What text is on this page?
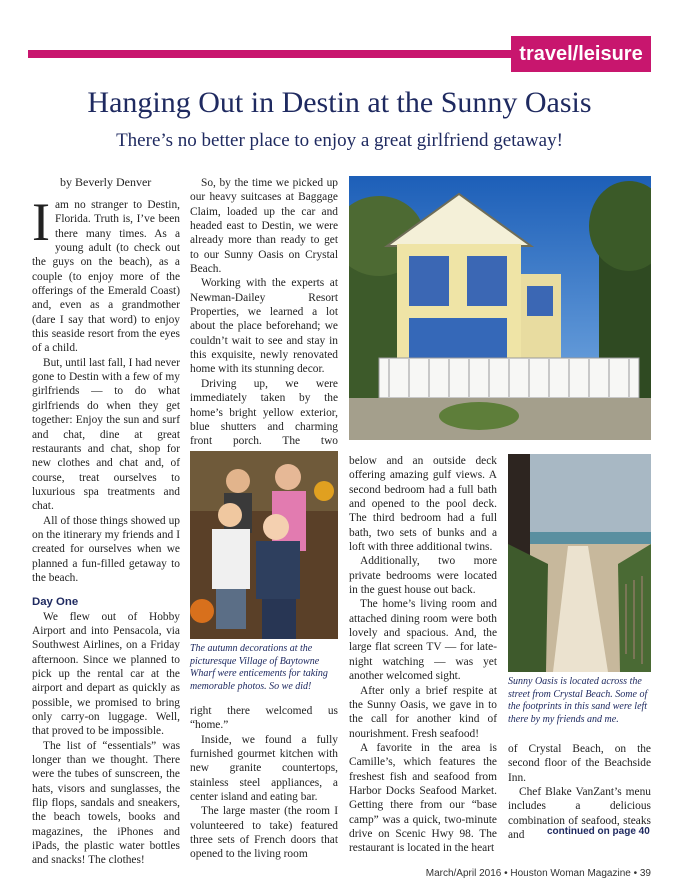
travel/leisure
Hanging Out in Destin at the Sunny Oasis
There’s no better place to enjoy a great girlfriend getaway!
by Beverly Denver

Iam no stranger to Destin, Florida. Truth is, I’ve been there many times. As a young adult (to check out the guys on the beach), as a couple (to enjoy more of the offerings of the Emerald Coast) and, even as a grandmother (dare I say that word) to enjoy this seaside resort from the eyes of a child.

But, until last fall, I had never gone to Destin with a few of my girlfriends — to do what girlfriends do when they get together: Enjoy the sun and surf and chat, dine at great restaurants and chat, shop for new clothes and chat and, of course, treat ourselves to luxurious spa treatments and chat.

All of those things showed up on the itinerary my friends and I created for ourselves when we planned a fun-filled getaway to the beach.

Day One

We flew out of Hobby Airport and into Pensacola, via Southwest Airlines, on a Friday afternoon. Since we planned to pick up the rental car at the airport and depart as quickly as possible, we promised to bring only carry-on luggage. Well, that proved to be impossible.

The list of “essentials” was longer than we thought. There were the tubes of sunscreen, the hats, visors and sunglasses, the flip flops, sandals and sneakers, the beach towels, books and magazines, the iPhones and iPads, the plastic water bottles and snacks! The clothes!

So, by the time we picked up our heavy suitcases at Baggage Claim, loaded up the car and headed east to Destin, we were already more than ready to get to our Sunny Oasis on Crystal Beach.

Working with the experts at Newman-Dailey Resort Properties, we learned a lot about the place beforehand; we couldn’t wait to see and stay in this exquisite, newly renovated home with its stunning decor.

Driving up, we were immediately taken by the home’s bright yellow exterior, blue shutters and charming front porch. The two

The autumn decorations at the picturesque Village of Baytowne Wharf were enticements for taking memorable photos. So we did!

right there welcomed us “home.”

Inside, we found a fully furnished gourmet kitchen with new granite countertops, stainless steel appliances, a center island and eating bar.

The large master (the room I volunteered to take) featured three sets of French doors that opened to the living room

below and an outside deck offering amazing gulf views. A second bedroom had a full bath and opened to the pool deck. The third bedroom had a full bath, two sets of bunks and a loft with three additional twins.

Additionally, two more private bedrooms were located in the guest house out back.

The home’s living room and attached dining room were both lovely and spacious. And, the large flat screen TV — for late-night watching — was yet another welcomed sight.

After only a brief respite at the Sunny Oasis, we gave in to the call for another kind of nourishment. Fresh seafood!

A favorite in the area is Camille’s, which features the freshest fish and seafood from Harbor Docks Seafood Market. Getting there from our “base camp” was a quick, two-minute drive on Scenic Hwy 98. The restaurant is located in the heart

Sunny Oasis is located across the street from Crystal Beach. Some of the footprints in this sand were left there by my friends and me.

of Crystal Beach, on the second floor of the Beachside Inn.

Chef Blake VanZant’s menu includes a delicious combination of seafood, steaks and	continued on page 40
March/April 2016 • Houston Woman Magazine • 39
